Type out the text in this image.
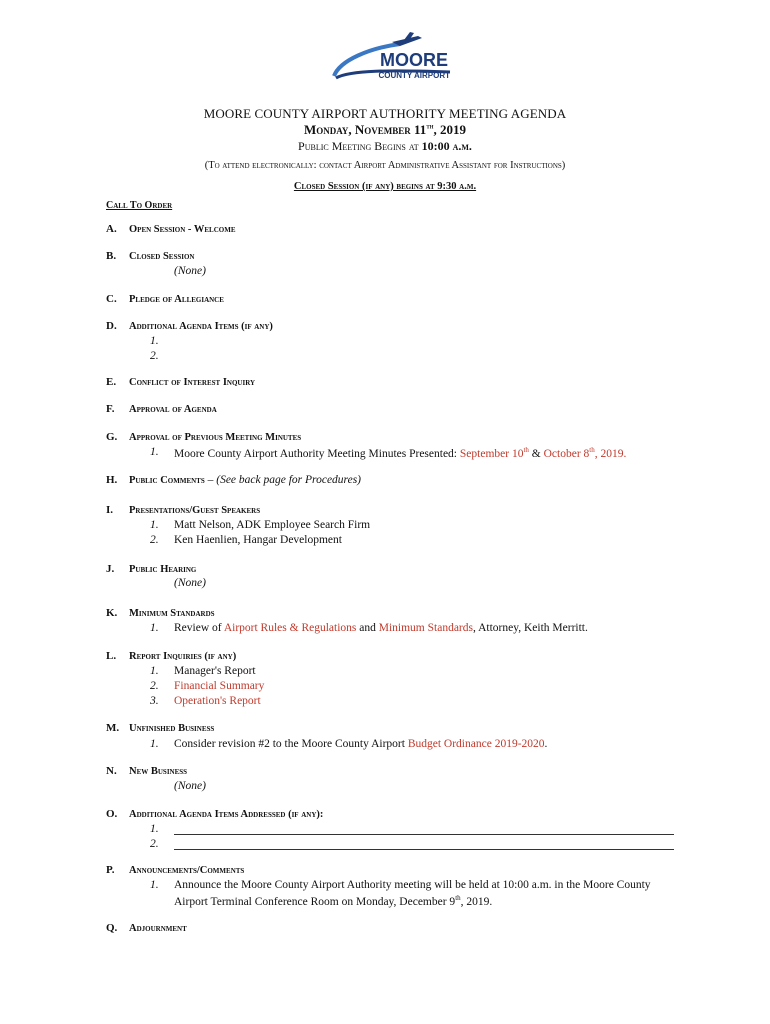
MOORE
COUNTY AIRPORT
MOORE COUNTY AIRPORT AUTHORITY MEETING AGENDA
Monday, November 11th, 2019
Public Meeting Begins at 10:00 a.m.
(To attend electronically: contact Airport Administrative Assistant for Instructions)
Closed Session (if any) begins at 9:30 a.m.
Call To Order
A. Open Session - Welcome
B. Closed Session
(None)
C. Pledge of Allegiance
D. Additional Agenda Items (if any)
1.
2.
E. Conflict of Interest Inquiry
F. Approval of Agenda
G. Approval of Previous Meeting Minutes
1. Moore County Airport Authority Meeting Minutes Presented: September 10th & October 8th, 2019.
H. Public Comments – (See back page for Procedures)
I. Presentations/Guest Speakers
1. Matt Nelson, ADK Employee Search Firm
2. Ken Haenlien, Hangar Development
J. Public Hearing
(None)
K. Minimum Standards
1. Review of Airport Rules & Regulations and Minimum Standards, Attorney, Keith Merritt.
L. Report Inquiries (if any)
1. Manager's Report
2. Financial Summary
3. Operation's Report
M. Unfinished Business
1. Consider revision #2 to the Moore County Airport Budget Ordinance 2019-2020.
N. New Business
(None)
O. Additional Agenda Items Addressed (if any):
1.
2.
P. Announcements/Comments
1. Announce the Moore County Airport Authority meeting will be held at 10:00 a.m. in the Moore County
Airport Terminal Conference Room on Monday, December 9th, 2019.
Q. Adjournment
